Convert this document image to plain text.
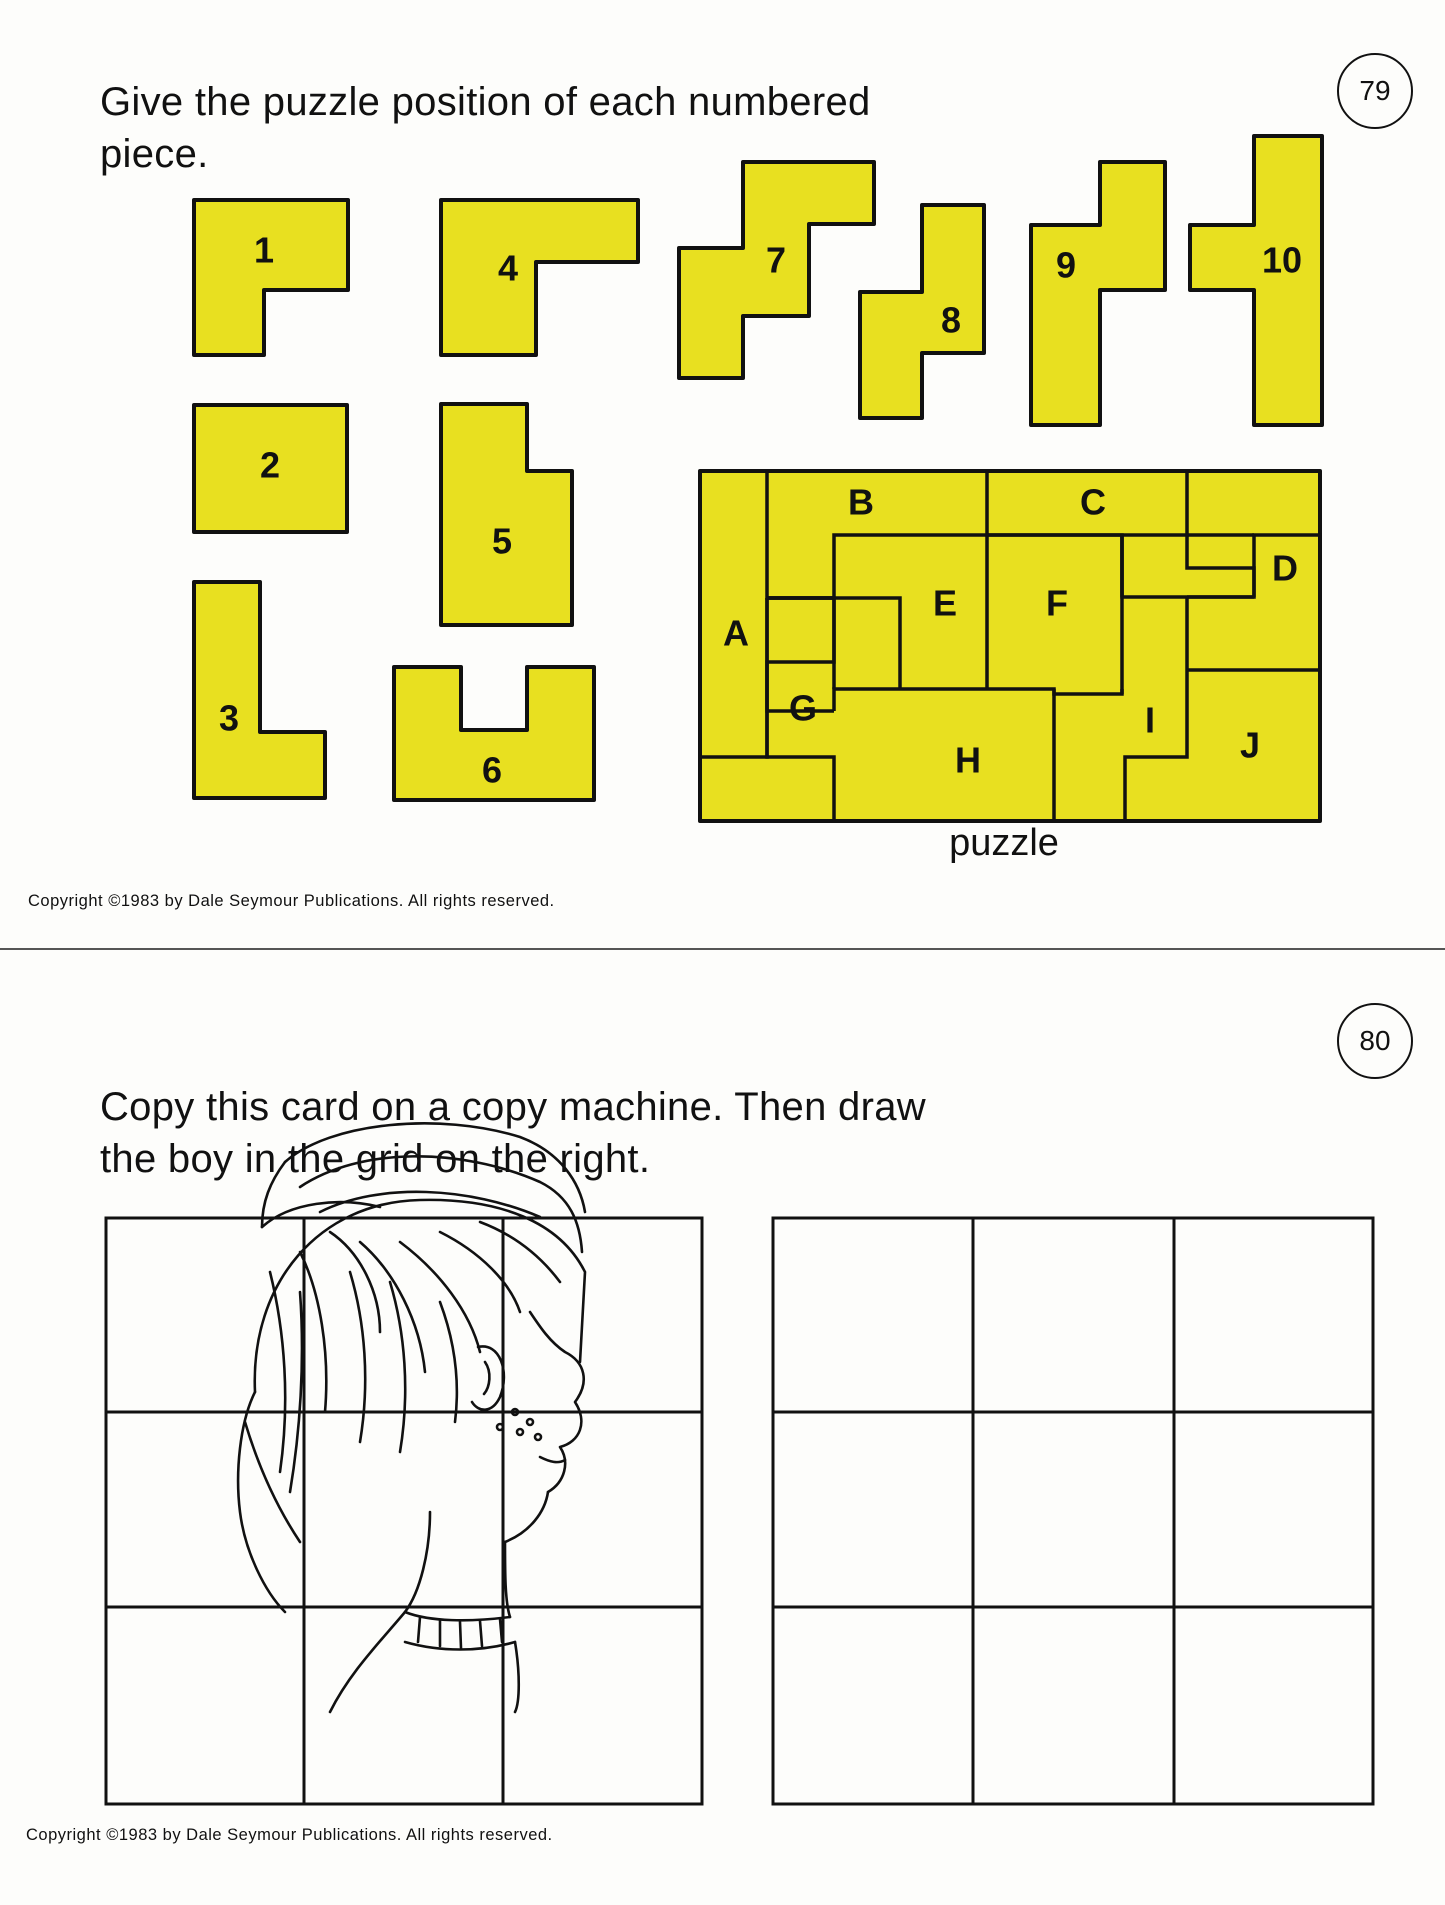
79
Give the puzzle position of each numbered
piece.
1
2
3
4
5
6
7
8
9	10
A
B	C
D
E F
G
H
I
J
puzzle
Copyright ©1983 by Dale Seymour Publications. All rights reserved.
80
Copy this card on a copy machine. Then draw
the boy in the grid on the right.
Copyright ©1983 by Dale Seymour Publications. All rights reserved.
